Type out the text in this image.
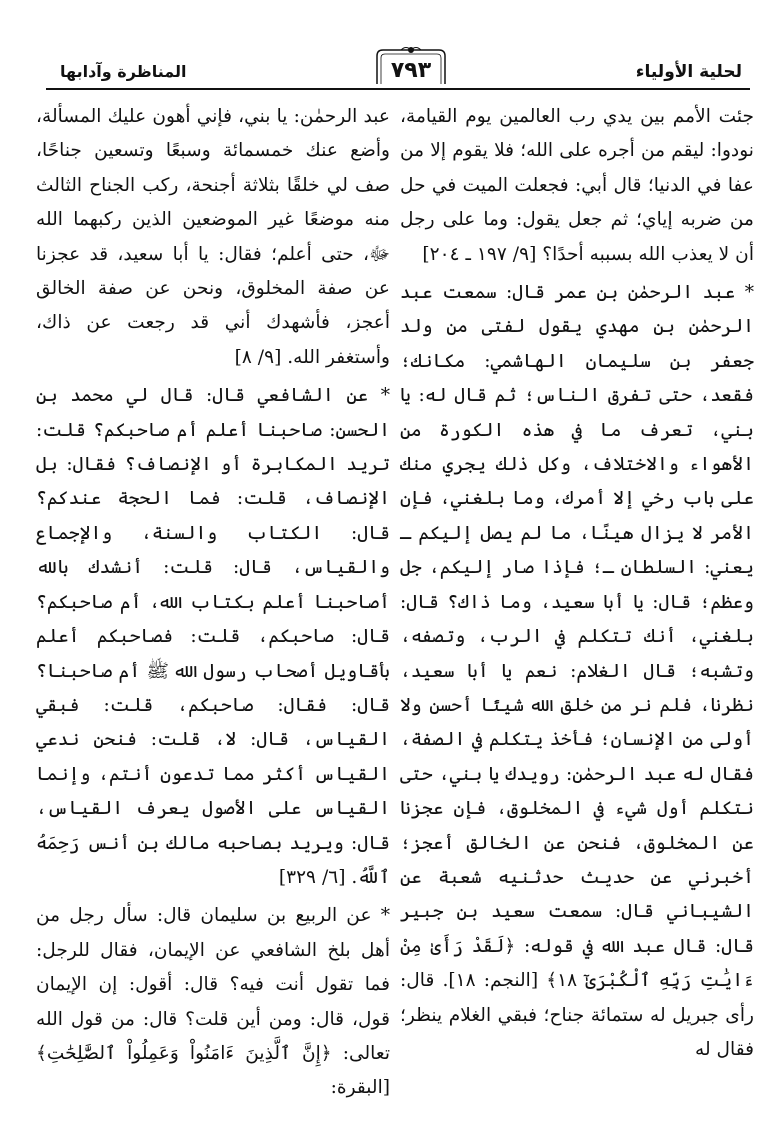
لحلية الأولياء
٧٩٣
المناظرة وآدابها

جئت الأمم بين يدي رب العالمين يوم القيامة، نودوا: ليقم من أجره على الله؛ فلا يقوم إلا من عفا في الدنيا؛ قال أبي: فجعلت الميت في حل من ضربه إياي؛ ثم جعل يقول: وما على رجل أن لا يعذب الله بسببه أحدًا؟ [٩/ ١٩٧ ـ ٢٠٤]

* عبد الرحمٰن بن عمر قال: سمعت عبد الرحمٰن بن مهدي يقول لفتى من ولد جعفر بن سليمان الهاشمي: مكانك؛ فقعد، حتى تفرق الناس؛ ثم قال له: يا بني، تعرف ما في هذه الكورة من الأهواء والاختلاف، وكل ذلك يجري منك على باب رخي إلا أمرك، وما بلغني، فإن الأمر لا يزال هينًا، ما لم يصل إليكم ـ يعني: السلطان ـ؛ فإذا صار إليكم، جل وعظم؛ قال: يا أبا سعيد، وما ذاك؟ قال: بلغني، أنك تتكلم في الرب، وتصفه، وتشبه؛ قال الغلام: نعم يا أبا سعيد، نظرنا، فلم نر من خلق الله شيئًا أحسن ولا أولى من الإنسان؛ فأخذ يتكلم في الصفة، فقال له عبد الرحمٰن: رويدك يا بني، حتى نتكلم أول شيء في المخلوق، فإن عجزنا عن المخلوق، فنحن عن الخالق أعجز؛ أخبرني عن حديث حدثنيه شعبة عن الشيباني قال: سمعت سعيد بن جبير قال: قال عبد الله في قوله: ﴿لَقَدْ رَأَىٰ مِنْ ءَايَٰتِ رَبِّهِ ٱلْكُبْرَىٰٓ ١٨﴾ [النجم: ١٨]. قال: رأى جبريل له ستمائة جناح؛ فبقي الغلام ينظر؛ فقال له

عبد الرحمٰن: يا بني، فإني أهون عليك المسألة، وأضع عنك خمسمائة وسبعًا وتسعين جناحًا، صف لي خلقًا بثلاثة أجنحة، ركب الجناح الثالث منه موضعًا غير الموضعين الذين ركبهما الله ﷻ، حتى أعلم؛ فقال: يا أبا سعيد، قد عجزنا عن صفة المخلوق، ونحن عن صفة الخالق أعجز، فأشهدك أني قد رجعت عن ذاك، وأستغفر الله. [٩/ ٨]

* عن الشافعي قال: قال لي محمد بن الحسن: صاحبنا أعلم أم صاحبكم؟ قلت: تريد المكابرة أو الإنصاف؟ فقال: بل الإنصاف، قلت: فما الحجة عندكم؟ قال: الكتاب والسنة، والإجماع والقياس، قال: قلت: أنشدك بالله أصاحبنا أعلم بكتاب الله، أم صاحبكم؟ قال: صاحبكم، قلت: فصاحبكم أعلم بأقاويل أصحاب رسول الله ﷺ أم صاحبنا؟ قال: فقال: صاحبكم، قلت: فبقي القياس، قال: لا، قلت: فنحن ندعي القياس أكثر مما تدعون أنتم، وإنما القياس على الأصول يعرف القياس، قال: ويريد بصاحبه مالك بن أنس رَحِمَهُ ٱللَّهُ. [٦/ ٣٢٩]

* عن الربيع بن سليمان قال: سأل رجل من أهل بلخ الشافعي عن الإيمان، فقال للرجل: فما تقول أنت فيه؟ قال: أقول: إن الإيمان قول، قال: ومن أين قلت؟ قال: من قول الله تعالى: ﴿إِنَّ ٱلَّذِينَ ءَامَنُواْ وَعَمِلُواْ ٱلصَّٰلِحَٰتِ﴾ [البقرة:
